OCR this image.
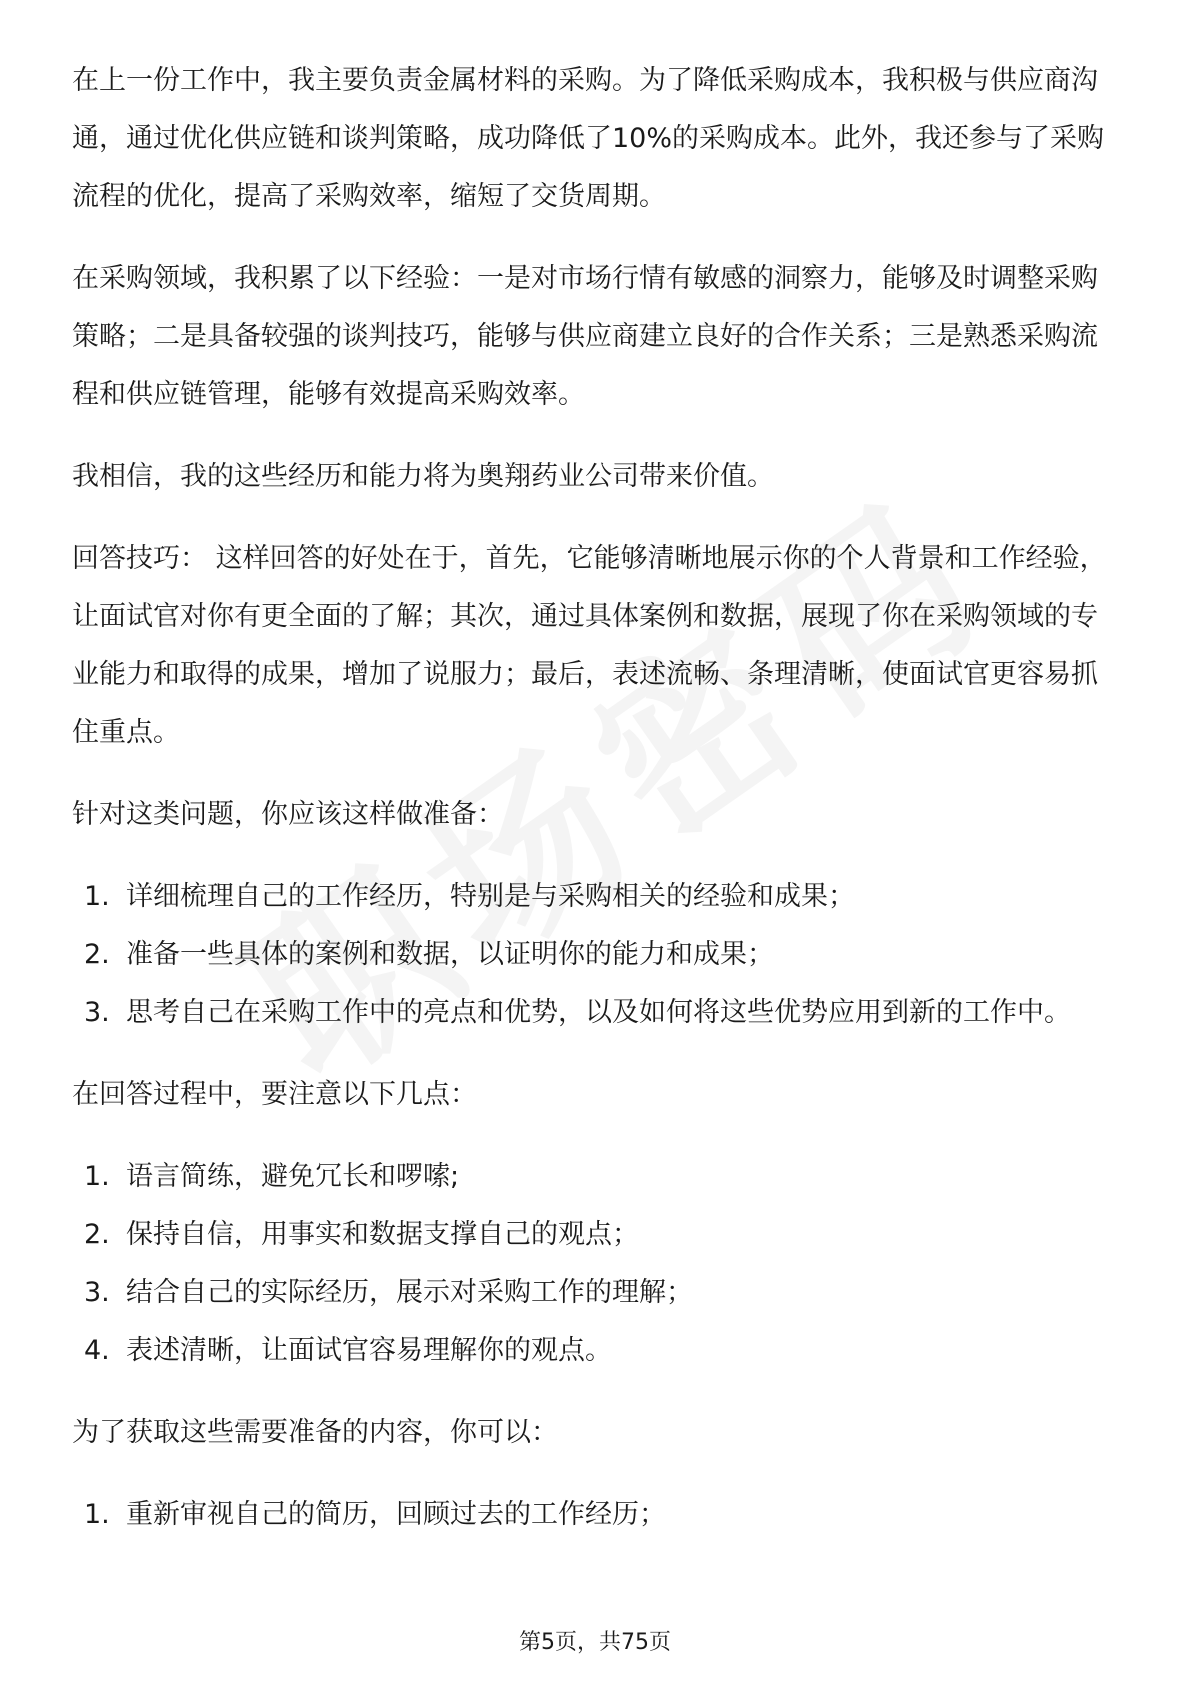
在上一份工作中，我主要负责金属材料的采购。为了降低采购成本，我积极与供应商沟通，通过优化供应链和谈判策略，成功降低了10%的采购成本。此外，我还参与了采购流程的优化，提高了采购效率，缩短了交货周期。

在采购领域，我积累了以下经验：一是对市场行情有敏感的洞察力，能够及时调整采购策略；二是具备较强的谈判技巧，能够与供应商建立良好的合作关系；三是熟悉采购流程和供应链管理，能够有效提高采购效率。

我相信，我的这些经历和能力将为奥翔药业公司带来价值。

回答技巧： 这样回答的好处在于，首先，它能够清晰地展示你的个人背景和工作经验，让面试官对你有更全面的了解；其次，通过具体案例和数据，展现了你在采购领域的专业能力和取得的成果，增加了说服力；最后，表述流畅、条理清晰，使面试官更容易抓住重点。

针对这类问题，你应该这样做准备：

1. 详细梳理自己的工作经历，特别是与采购相关的经验和成果；
2. 准备一些具体的案例和数据，以证明你的能力和成果；
3. 思考自己在采购工作中的亮点和优势，以及如何将这些优势应用到新的工作中。

在回答过程中，要注意以下几点：

1. 语言简练，避免冗长和啰嗦;
2. 保持自信，用事实和数据支撑自己的观点；
3. 结合自己的实际经历，展示对采购工作的理解；
4. 表述清晰，让面试官容易理解你的观点。

为了获取这些需要准备的内容，你可以：

1. 重新审视自己的简历，回顾过去的工作经历；
第5页，共75页
